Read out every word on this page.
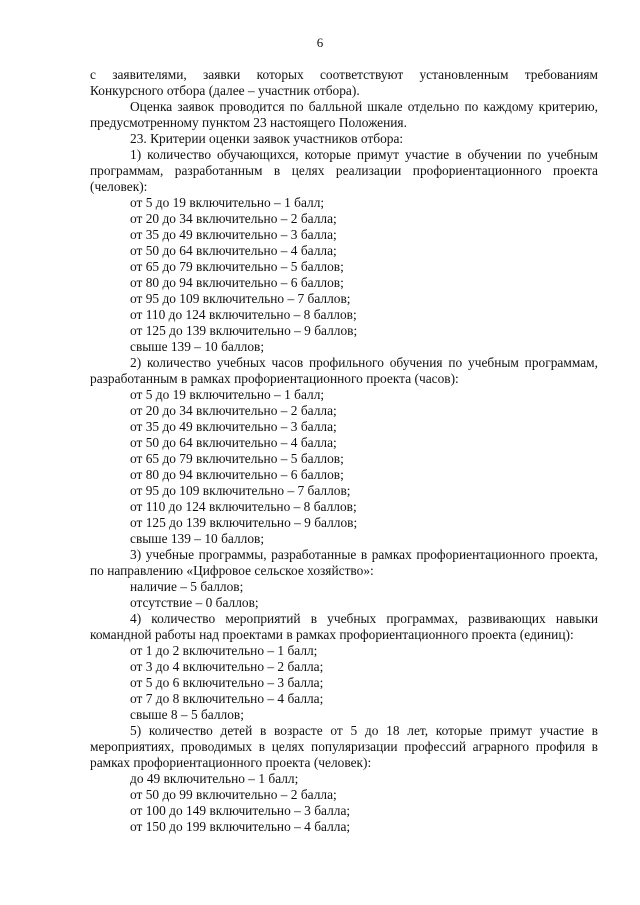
6

с заявителями, заявки которых соответствуют установленным требованиям

Конкурсного отбора (далее – участник отбора).

Оценка заявок проводится по балльной шкале отдельно по каждому критерию, предусмотренному пунктом 23 настоящего Положения.

23. Критерии оценки заявок участников отбора:

1) количество обучающихся, которые примут участие в обучении по учебным программам, разработанным в целях реализации профориентационного проекта (человек):

от 5 до 19 включительно – 1 балл;

от 20 до 34 включительно – 2 балла;

от 35 до 49 включительно – 3 балла;

от 50 до 64 включительно – 4 балла;

от 65 до 79 включительно – 5 баллов;

от 80 до 94 включительно – 6 баллов;

от 95 до 109 включительно – 7 баллов;

от 110 до 124 включительно – 8 баллов;

от 125 до 139 включительно – 9 баллов;

свыше 139 – 10 баллов;

2) количество учебных часов профильного обучения по учебным программам, разработанным в рамках профориентационного проекта (часов):

от 5 до 19 включительно – 1 балл;

от 20 до 34 включительно – 2 балла;

от 35 до 49 включительно – 3 балла;

от 50 до 64 включительно – 4 балла;

от 65 до 79 включительно – 5 баллов;

от 80 до 94 включительно – 6 баллов;

от 95 до 109 включительно – 7 баллов;

от 110 до 124 включительно – 8 баллов;

от 125 до 139 включительно – 9 баллов;

свыше 139 – 10 баллов;

3) учебные программы, разработанные в рамках профориентационного проекта, по направлению «Цифровое сельское хозяйство»:

наличие – 5 баллов;

отсутствие – 0 баллов;

4) количество мероприятий в учебных программах, развивающих навыки командной работы над проектами в рамках профориентационного проекта (единиц):

от 1 до 2 включительно – 1 балл;

от 3 до 4 включительно – 2 балла;

от 5 до 6 включительно – 3 балла;

от 7 до 8 включительно – 4 балла;

свыше 8 – 5 баллов;

5) количество детей в возрасте от 5 до 18 лет, которые примут участие в мероприятиях, проводимых в целях популяризации профессий аграрного профиля в рамках профориентационного проекта (человек):

до 49 включительно – 1 балл;

от 50 до 99 включительно – 2 балла;

от 100 до 149 включительно – 3 балла;

от 150 до 199 включительно – 4 балла;
